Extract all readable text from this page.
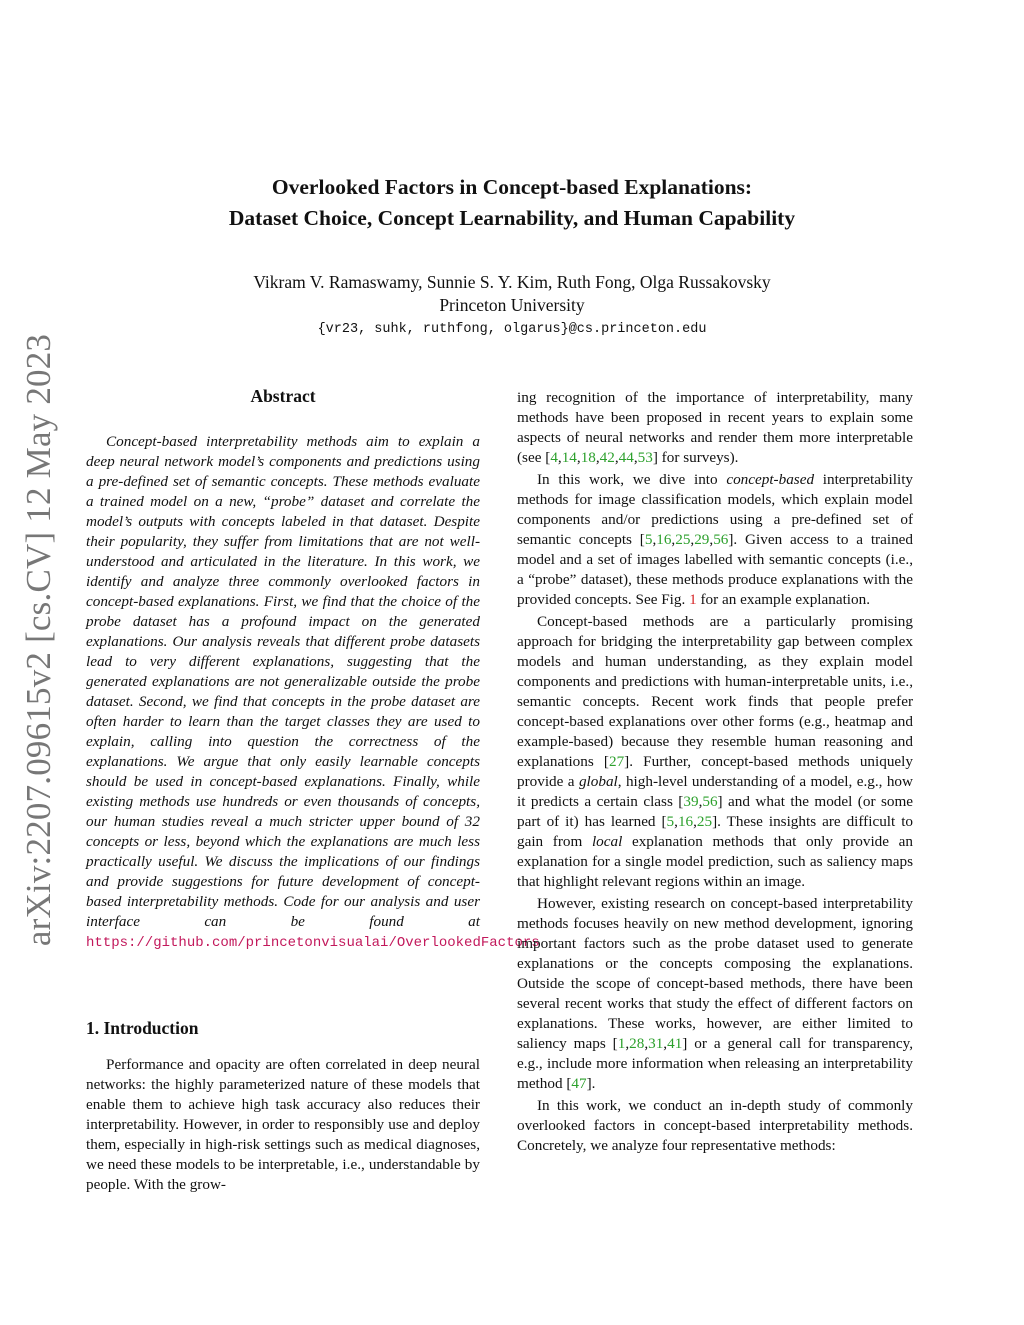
arXiv:2207.09615v2 [cs.CV] 12 May 2023
Overlooked Factors in Concept-based Explanations:
Dataset Choice, Concept Learnability, and Human Capability
Vikram V. Ramaswamy, Sunnie S. Y. Kim, Ruth Fong, Olga Russakovsky
Princeton University
{vr23, suhk, ruthfong, olgarus}@cs.princeton.edu
Abstract

Concept-based interpretability methods aim to explain a deep neural network model’s components and predictions using a pre-defined set of semantic concepts. These methods evaluate a trained model on a new, “probe” dataset and correlate the model’s outputs with concepts labeled in that dataset. Despite their popularity, they suffer from limitations that are not well-understood and articulated in the literature. In this work, we identify and analyze three commonly overlooked factors in concept-based explanations. First, we find that the choice of the probe dataset has a profound impact on the generated explanations. Our analysis reveals that different probe datasets lead to very different explanations, suggesting that the generated explanations are not generalizable outside the probe dataset. Second, we find that concepts in the probe dataset are often harder to learn than the target classes they are used to explain, calling into question the correctness of the explanations. We argue that only easily learnable concepts should be used in concept-based explanations. Finally, while existing methods use hundreds or even thousands of concepts, our human studies reveal a much stricter upper bound of 32 concepts or less, beyond which the explanations are much less practically useful. We discuss the implications of our findings and provide suggestions for future development of concept-based interpretability methods. Code for our analysis and user interface can be found at https://github.com/princetonvisualai/OverlookedFactors

1. Introduction

Performance and opacity are often correlated in deep neural networks: the highly parameterized nature of these models that enable them to achieve high task accuracy also reduces their interpretability. However, in order to responsibly use and deploy them, especially in high-risk settings such as medical diagnoses, we need these models to be interpretable, i.e., understandable by people. With the grow-

ing recognition of the importance of interpretability, many methods have been proposed in recent years to explain some aspects of neural networks and render them more interpretable (see [4,14,18,42,44,53] for surveys).

In this work, we dive into concept-based interpretability methods for image classification models, which explain model components and/or predictions using a pre-defined set of semantic concepts [5,16,25,29,56]. Given access to a trained model and a set of images labelled with semantic concepts (i.e., a “probe” dataset), these methods produce explanations with the provided concepts. See Fig. 1 for an example explanation.

Concept-based methods are a particularly promising approach for bridging the interpretability gap between complex models and human understanding, as they explain model components and predictions with human-interpretable units, i.e., semantic concepts. Recent work finds that people prefer concept-based explanations over other forms (e.g., heatmap and example-based) because they resemble human reasoning and explanations [27]. Further, concept-based methods uniquely provide a global, high-level understanding of a model, e.g., how it predicts a certain class [39,56] and what the model (or some part of it) has learned [5,16,25]. These insights are difficult to gain from local explanation methods that only provide an explanation for a single model prediction, such as saliency maps that highlight relevant regions within an image.

However, existing research on concept-based interpretability methods focuses heavily on new method development, ignoring important factors such as the probe dataset used to generate explanations or the concepts composing the explanations. Outside the scope of concept-based methods, there have been several recent works that study the effect of different factors on explanations. These works, however, are either limited to saliency maps [1,28,31,41] or a general call for transparency, e.g., include more information when releasing an interpretability method [47].

In this work, we conduct an in-depth study of commonly overlooked factors in concept-based interpretability methods. Concretely, we analyze four representative methods:
